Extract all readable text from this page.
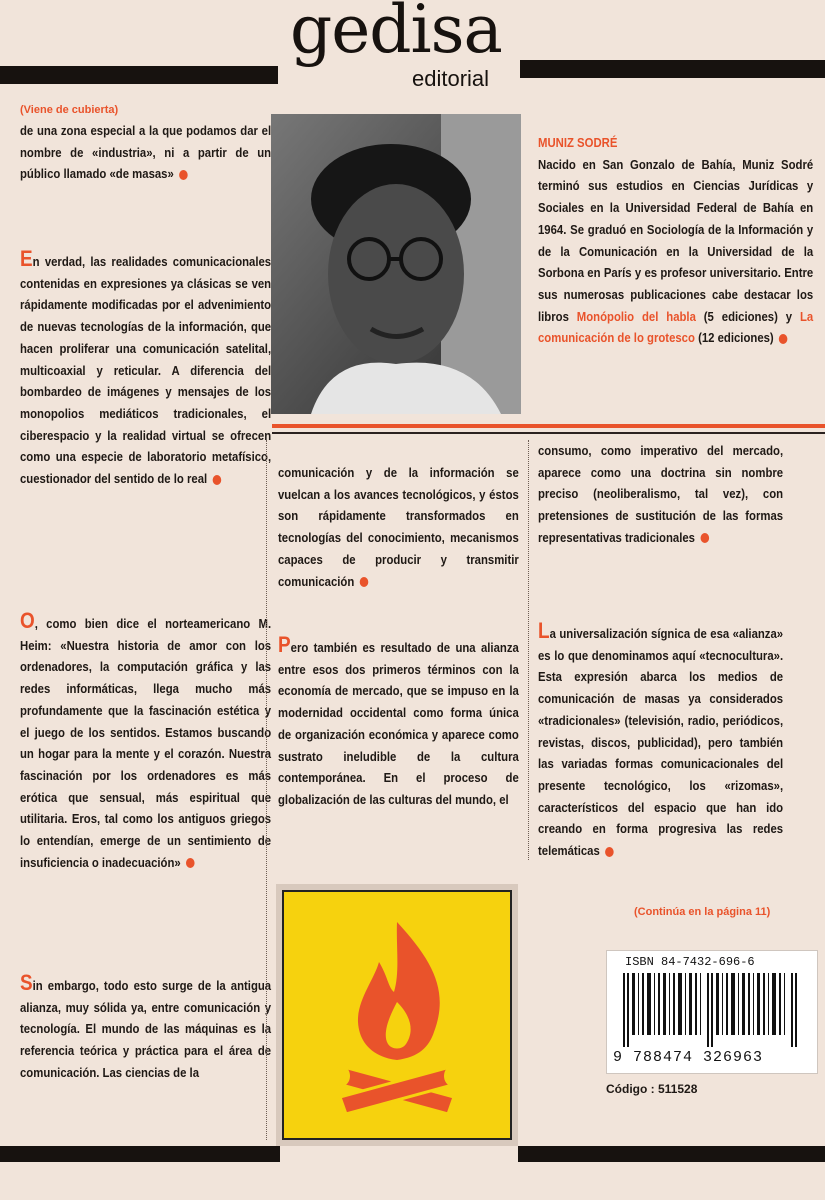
gedisa
editorial
(Viene de cubierta)
de una zona especial a la que podamos dar el nombre de «industria», ni a partir de un público llamado «de masas»
En verdad, las realidades comunicacionales contenidas en expresiones ya clásicas se ven rápidamente modificadas por el advenimiento de nuevas tecnologías de la información, que hacen proliferar una comunicación satelital, multicoaxial y reticular. A diferencia del bombardeo de imágenes y mensajes de los monopolios mediáticos tradicionales, el ciberespacio y la realidad virtual se ofrecen como una especie de laboratorio metafísico, cuestionador del sentido de lo real
O, como bien dice el norteamericano M. Heim: «Nuestra historia de amor con los ordenadores, la computación gráfica y las redes informáticas, llega mucho más profundamente que la fascinación estética y el juego de los sentidos. Estamos buscando un hogar para la mente y el corazón. Nuestra fascinación por los ordenadores es más erótica que sensual, más espiritual que utilitaria. Eros, tal como los antiguos griegos lo entendían, emerge de un sentimiento de insuficiencia o inadecuación»
Sin embargo, todo esto surge de la antigua alianza, muy sólida ya, entre comunicación y tecnología. El mundo de las máquinas es la referencia teórica y práctica para el área de comunicación. Las ciencias de la
MUNIZ SODRÉ
Nacido en San Gonzalo de Bahía, Muniz Sodré terminó sus estudios en Ciencias Jurídicas y Sociales en la Universidad Federal de Bahía en 1964. Se graduó en Sociología de la Información y de la Comunicación en la Universidad de la Sorbona en París y es profesor universitario. Entre sus numerosas publicaciones cabe destacar los libros Monópolio del habla (5 ediciones) y La comunicación de lo grotesco (12 ediciones)
comunicación y de la información se vuelcan a los avances tecnológicos, y éstos son rápidamente transformados en tecnologías del conocimiento, mecanismos capaces de producir y transmitir comunicación
Pero también es resultado de una alianza entre esos dos primeros términos con la economía de mercado, que se impuso en la modernidad occidental como forma única de organización económica y aparece como sustrato ineludible de la cultura contemporánea. En el proceso de globalización de las culturas del mundo, el
consumo, como imperativo del mercado, aparece como una doctrina sin nombre preciso (neoliberalismo, tal vez), con pretensiones de sustitución de las formas representativas tradicionales
La universalización sígnica de esa «alianza» es lo que denominamos aquí «tecnocultura». Esta expresión abarca los medios de comunicación de masas ya considerados «tradicionales» (televisión, radio, periódicos, revistas, discos, publicidad), pero también las variadas formas comunicacionales del presente tecnológico, los «rizomas», característicos del espacio que han ido creando en forma progresiva las redes telemáticas
(Continúa en la página 11)
ISBN 84-7432-696-6
9 788474 326963
Código : 511528
